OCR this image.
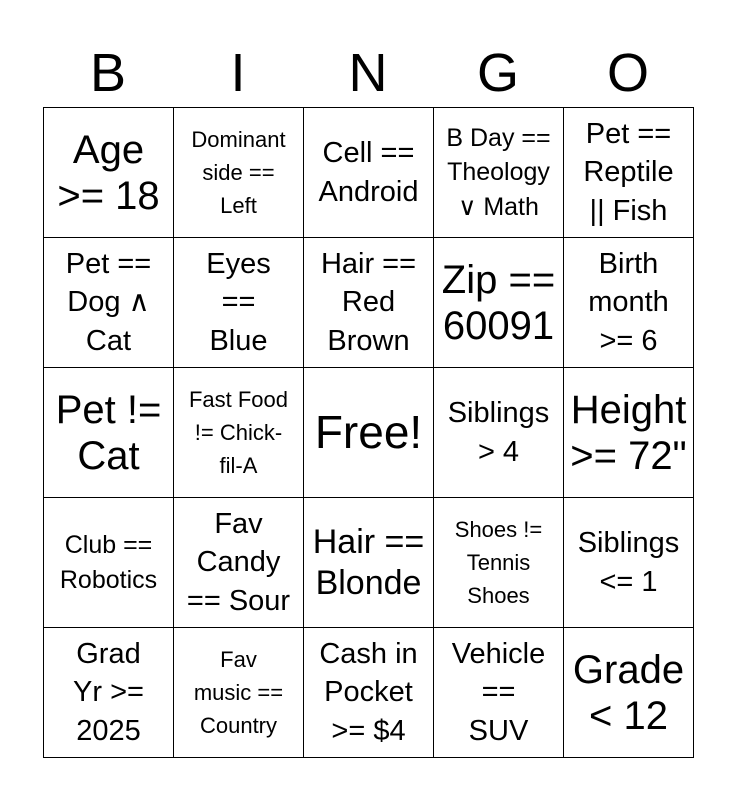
B	I	N	G	O
Age
>= 18	Dominant
side ==
Left	Cell ==
Android	B Day ==
Theology
∨ Math	Pet ==
Reptile
|| Fish

Pet ==
Dog ∧
Cat	Eyes
==
Blue	Hair ==
Red
Brown	Zip ==
60091	Birth
month
>= 6

Pet !=
Cat	Fast Food
!= Chick-
fil-A	Free!	Siblings
> 4	Height
>= 72"

Club ==
Robotics	Fav
Candy
== Sour	Hair ==
Blonde	Shoes !=
Tennis
Shoes	Siblings
<= 1

Grad
Yr >=
2025	Fav
music ==
Country	Cash in
Pocket
>= $4	Vehicle
==
SUV	Grade
< 12
